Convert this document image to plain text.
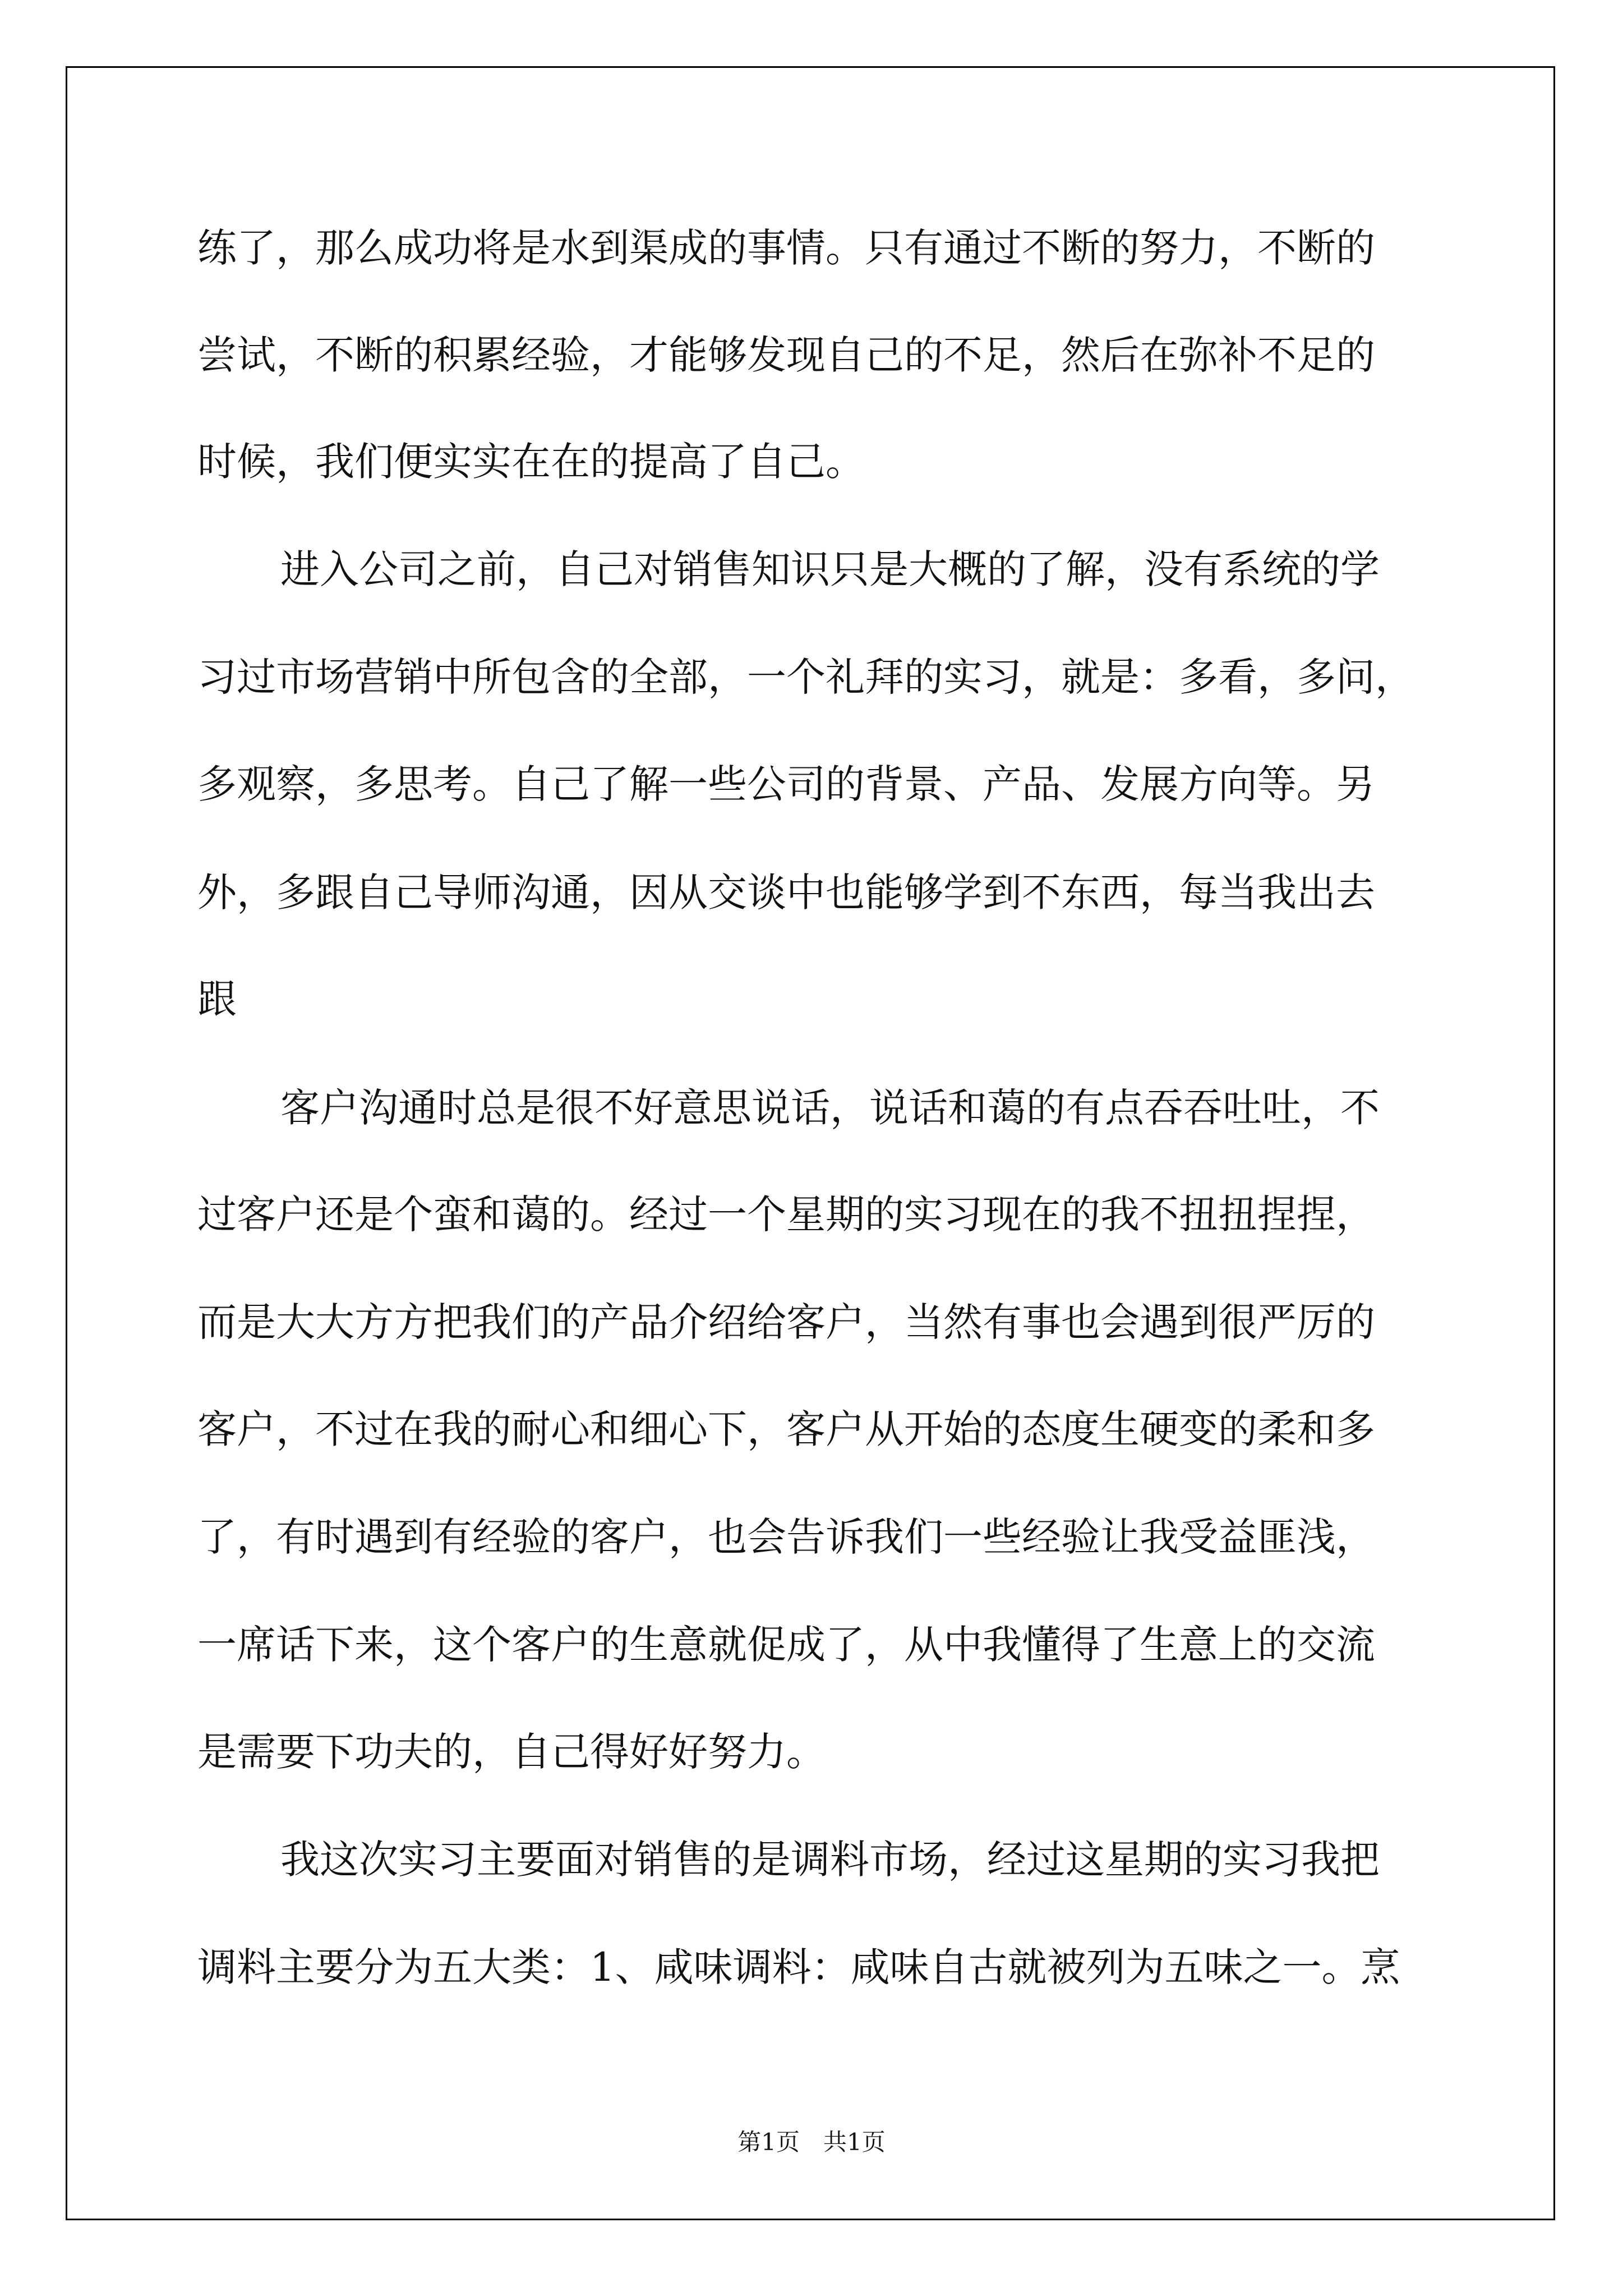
练了，那么成功将是水到渠成的事情。只有通过不断的努力，不断的

尝试，不断的积累经验，才能够发现自己的不足，然后在弥补不足的

时候，我们便实实在在的提高了自己。

进入公司之前，自己对销售知识只是大概的了解，没有系统的学

习过市场营销中所包含的全部，一个礼拜的实习，就是：多看，多问，

多观察，多思考。自己了解一些公司的背景、产品、发展方向等。另

外，多跟自己导师沟通，因从交谈中也能够学到不东西，每当我出去

跟

客户沟通时总是很不好意思说话，说话和蔼的有点吞吞吐吐，不

过客户还是个蛮和蔼的。经过一个星期的实习现在的我不扭扭捏捏，

而是大大方方把我们的产品介绍给客户，当然有事也会遇到很严厉的

客户，不过在我的耐心和细心下，客户从开始的态度生硬变的柔和多

了，有时遇到有经验的客户，也会告诉我们一些经验让我受益匪浅，

一席话下来，这个客户的生意就促成了，从中我懂得了生意上的交流

是需要下功夫的，自己得好好努力。

我这次实习主要面对销售的是调料市场，经过这星期的实习我把

调料主要分为五大类：1、咸味调料：咸味自古就被列为五味之一。烹

第1页　共1页
